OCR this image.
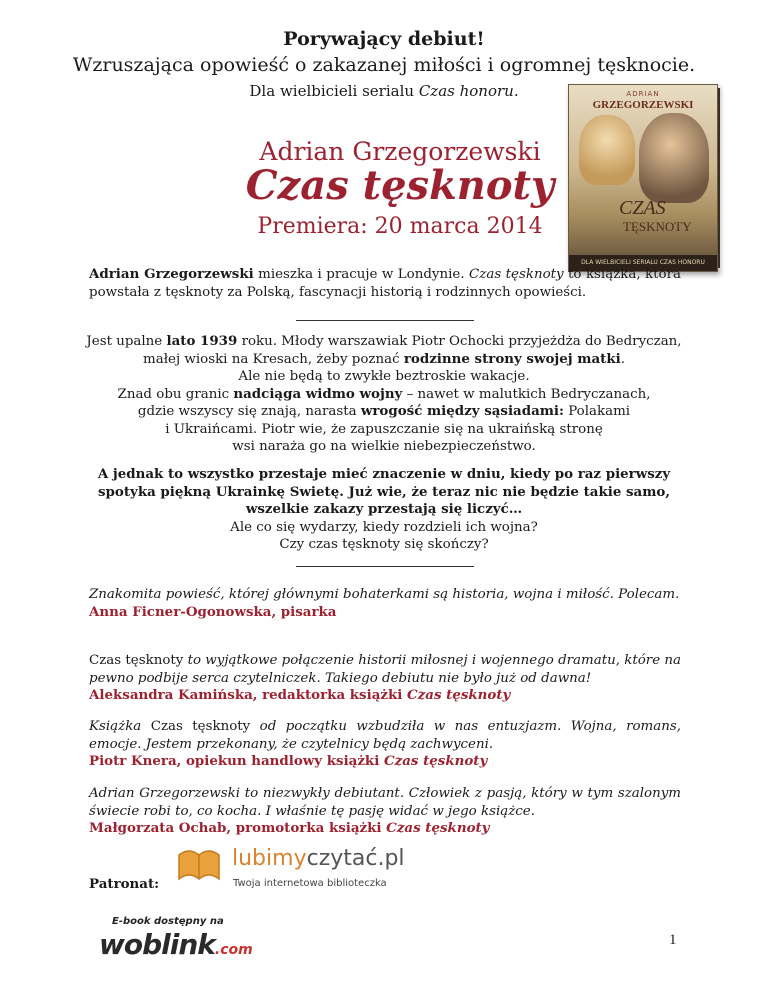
Porywający debiut!
Wzruszająca opowieść o zakazanej miłości i ogromnej tęsknocie.
Dla wielbicieli serialu Czas honoru.
Adrian Grzegorzewski
Czas tęsknoty
Premiera: 20 marca 2014
ADRIAN
GRZEGORZEWSKI
CZAS
TĘSKNOTY
DLA WIELBICIELI SERIALU CZAS HONORU
Adrian Grzegorzewski mieszka i pracuje w Londynie. Czas tęsknoty to książka, która powstała z tęsknoty za Polską, fascynacji historią i rodzinnych opowieści.
Jest upalne lato 1939 roku. Młody warszawiak Piotr Ochocki przyjeżdża do Bedryczan,
małej wioski na Kresach, żeby poznać rodzinne strony swojej matki.
Ale nie będą to zwykłe beztroskie wakacje.
Znad obu granic nadciąga widmo wojny – nawet w malutkich Bedryczanach,
gdzie wszyscy się znają, narasta wrogość między sąsiadami: Polakami
i Ukraińcami. Piotr wie, że zapuszczanie się na ukraińską stronę
wsi naraża go na wielkie niebezpieczeństwo.
A jednak to wszystko przestaje mieć znaczenie w dniu, kiedy po raz pierwszy
spotyka piękną Ukrainkę Swietę. Już wie, że teraz nic nie będzie takie samo,
wszelkie zakazy przestają się liczyć…
Ale co się wydarzy, kiedy rozdzieli ich wojna?
Czy czas tęsknoty się skończy?
Znakomita powieść, której głównymi bohaterkami są historia, wojna i miłość. Polecam.
Anna Ficner-Ogonowska, pisarka
Czas tęsknoty to wyjątkowe połączenie historii miłosnej i wojennego dramatu, które na pewno podbije serca czytelniczek. Takiego debiutu nie było już od dawna!
Aleksandra Kamińska, redaktorka książki Czas tęsknoty
Książka Czas tęsknoty od początku wzbudziła w nas entuzjazm. Wojna, romans, emocje. Jestem przekonany, że czytelnicy będą zachwyceni.
Piotr Knera, opiekun handlowy książki Czas tęsknoty
Adrian Grzegorzewski to niezwykły debiutant. Człowiek z pasją, który w tym szalonym świecie robi to, co kocha. I właśnie tę pasję widać w jego książce.
Małgorzata Ochab, promotorka książki Czas tęsknoty
Patronat:
lubimyczytać.pl
Twoja internetowa biblioteczka
E-book dostępny na
woblink.com
1
